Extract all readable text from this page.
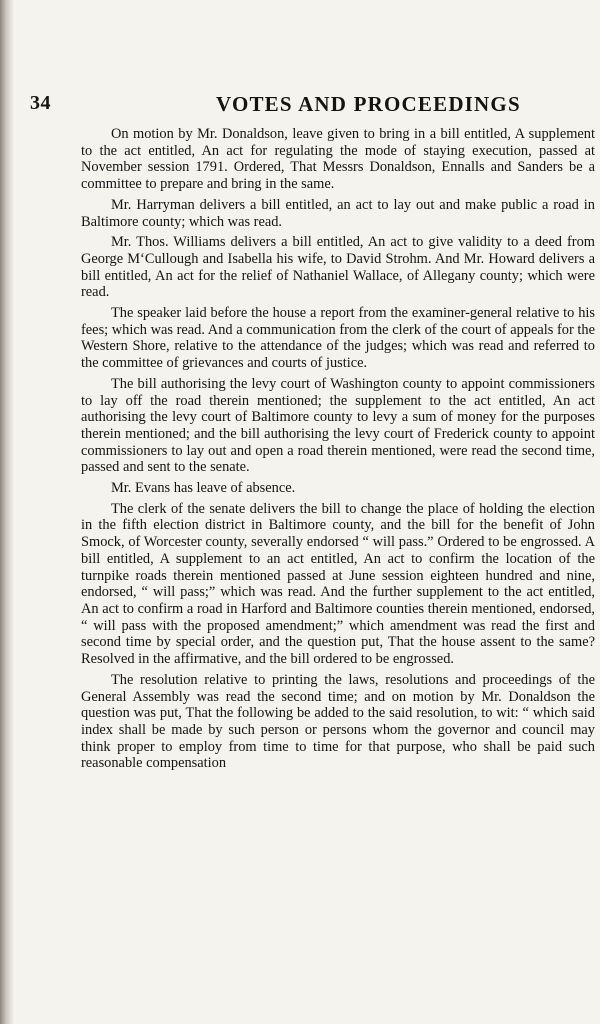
34	VOTES AND PROCEEDINGS

On motion by Mr. Donaldson, leave given to bring in a bill entitled, A supplement to the act entitled, An act for regulating the mode of staying execution, passed at November session 1791. Ordered, That Messrs Donaldson, Ennalls and Sanders be a committee to prepare and bring in the same.

Mr. Harryman delivers a bill entitled, an act to lay out and make public a road in Baltimore county; which was read.

Mr. Thos. Williams delivers a bill entitled, An act to give validity to a deed from George M‘Cullough and Isabella his wife, to David Strohm. And Mr. Howard delivers a bill entitled, An act for the relief of Nathaniel Wallace, of Allegany county; which were read.

The speaker laid before the house a report from the examiner-general relative to his fees; which was read. And a communication from the clerk of the court of appeals for the Western Shore, relative to the attendance of the judges; which was read and referred to the committee of grievances and courts of justice.

The bill authorising the levy court of Washington county to appoint commissioners to lay off the road therein mentioned; the supplement to the act entitled, An act authorising the levy court of Baltimore county to levy a sum of money for the purposes therein mentioned; and the bill authorising the levy court of Frederick county to appoint commissioners to lay out and open a road therein mentioned, were read the second time, passed and sent to the senate.

Mr. Evans has leave of absence.

The clerk of the senate delivers the bill to change the place of holding the election in the fifth election district in Baltimore county, and the bill for the benefit of John Smock, of Worcester county, severally endorsed “ will pass.” Ordered to be engrossed. A bill entitled, A supplement to an act entitled, An act to confirm the location of the turnpike roads therein mentioned passed at June session eighteen hundred and nine, endorsed, “ will pass;” which was read. And the further supplement to the act entitled, An act to confirm a road in Harford and Baltimore counties therein mentioned, endorsed, “ will pass with the proposed amendment;” which amendment was read the first and second time by special order, and the question put, That the house assent to the same? Resolved in the affirmative, and the bill ordered to be engrossed.

The resolution relative to printing the laws, resolutions and proceedings of the General Assembly was read the second time; and on motion by Mr. Donaldson the question was put, That the following be added to the said resolution, to wit: “ which said index shall be made by such person or persons whom the governor and council may think proper to employ from time to time for that purpose, who shall be paid such reasonable compensation
